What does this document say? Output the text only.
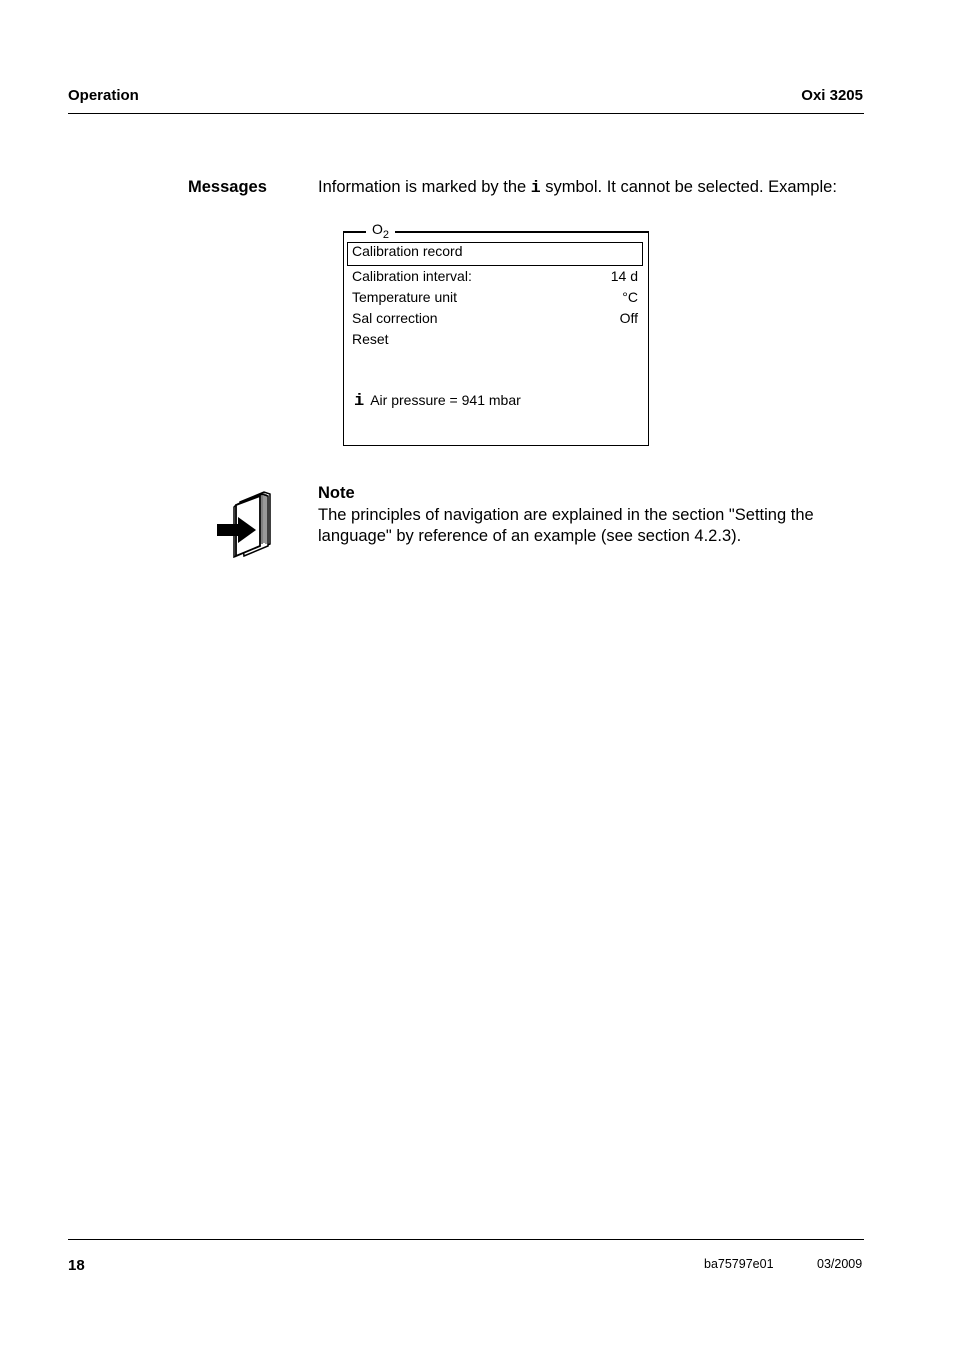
Operation	Oxi 3205
Messages	Information is marked by the i symbol. It cannot be selected. Example:
$O_2$
Calibration record
Calibration interval:	14 d
Temperature unit	°C
Sal correction	Off
Reset
i Air pressure = 941 mbar
Note
The principles of navigation are explained in the section "Setting the language" by reference of an example (see section 4.2.3).
18	ba75797e01	03/2009
